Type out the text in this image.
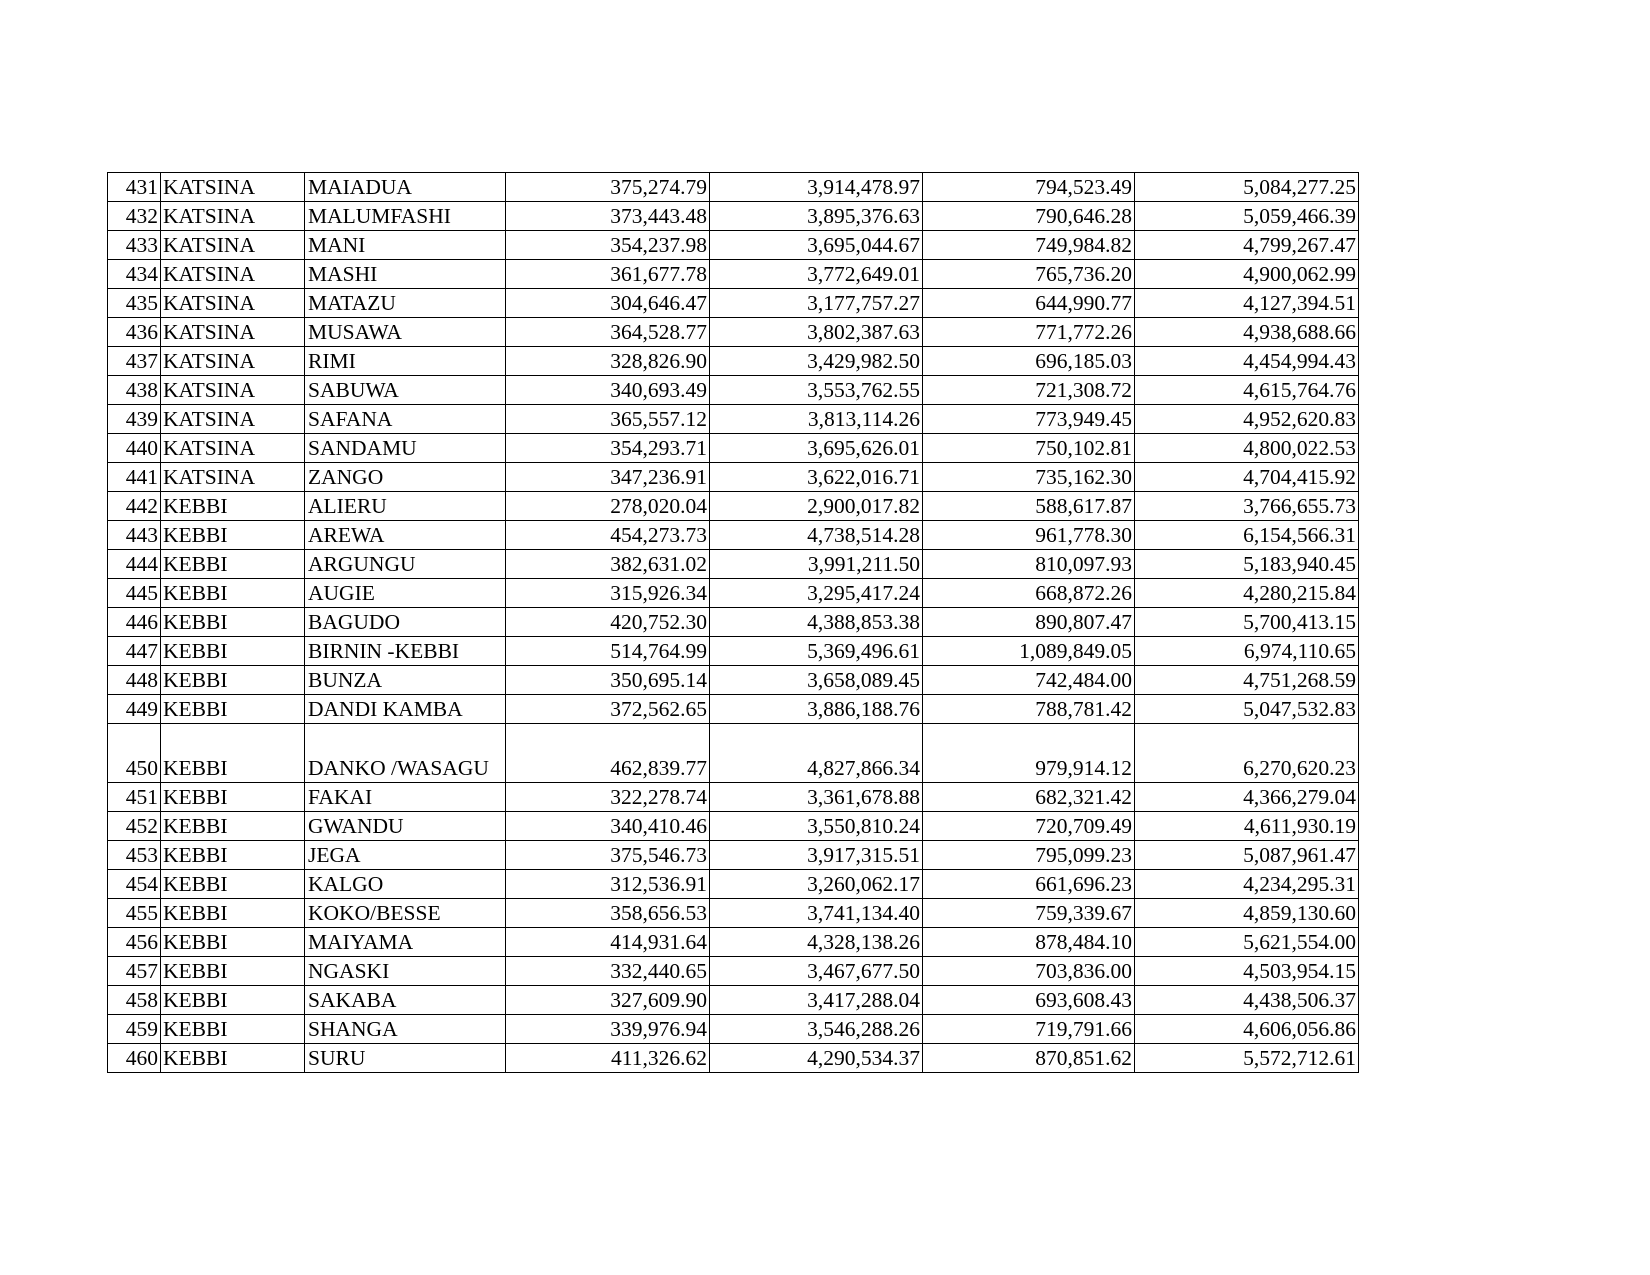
431	KATSINA	MAIADUA	375,274.79	3,914,478.97	794,523.49	5,084,277.25
432	KATSINA	MALUMFASHI	373,443.48	3,895,376.63	790,646.28	5,059,466.39
433	KATSINA	MANI	354,237.98	3,695,044.67	749,984.82	4,799,267.47
434	KATSINA	MASHI	361,677.78	3,772,649.01	765,736.20	4,900,062.99
435	KATSINA	MATAZU	304,646.47	3,177,757.27	644,990.77	4,127,394.51
436	KATSINA	MUSAWA	364,528.77	3,802,387.63	771,772.26	4,938,688.66
437	KATSINA	RIMI	328,826.90	3,429,982.50	696,185.03	4,454,994.43
438	KATSINA	SABUWA	340,693.49	3,553,762.55	721,308.72	4,615,764.76
439	KATSINA	SAFANA	365,557.12	3,813,114.26	773,949.45	4,952,620.83
440	KATSINA	SANDAMU	354,293.71	3,695,626.01	750,102.81	4,800,022.53
441	KATSINA	ZANGO	347,236.91	3,622,016.71	735,162.30	4,704,415.92
442	KEBBI	ALIERU	278,020.04	2,900,017.82	588,617.87	3,766,655.73
443	KEBBI	AREWA	454,273.73	4,738,514.28	961,778.30	6,154,566.31
444	KEBBI	ARGUNGU	382,631.02	3,991,211.50	810,097.93	5,183,940.45
445	KEBBI	AUGIE	315,926.34	3,295,417.24	668,872.26	4,280,215.84
446	KEBBI	BAGUDO	420,752.30	4,388,853.38	890,807.47	5,700,413.15
447	KEBBI	BIRNIN -KEBBI	514,764.99	5,369,496.61	1,089,849.05	6,974,110.65
448	KEBBI	BUNZA	350,695.14	3,658,089.45	742,484.00	4,751,268.59
449	KEBBI	DANDI KAMBA	372,562.65	3,886,188.76	788,781.42	5,047,532.83
450	KEBBI	DANKO /WASAGU	462,839.77	4,827,866.34	979,914.12	6,270,620.23
451	KEBBI	FAKAI	322,278.74	3,361,678.88	682,321.42	4,366,279.04
452	KEBBI	GWANDU	340,410.46	3,550,810.24	720,709.49	4,611,930.19
453	KEBBI	JEGA	375,546.73	3,917,315.51	795,099.23	5,087,961.47
454	KEBBI	KALGO	312,536.91	3,260,062.17	661,696.23	4,234,295.31
455	KEBBI	KOKO/BESSE	358,656.53	3,741,134.40	759,339.67	4,859,130.60
456	KEBBI	MAIYAMA	414,931.64	4,328,138.26	878,484.10	5,621,554.00
457	KEBBI	NGASKI	332,440.65	3,467,677.50	703,836.00	4,503,954.15
458	KEBBI	SAKABA	327,609.90	3,417,288.04	693,608.43	4,438,506.37
459	KEBBI	SHANGA	339,976.94	3,546,288.26	719,791.66	4,606,056.86
460	KEBBI	SURU	411,326.62	4,290,534.37	870,851.62	5,572,712.61
